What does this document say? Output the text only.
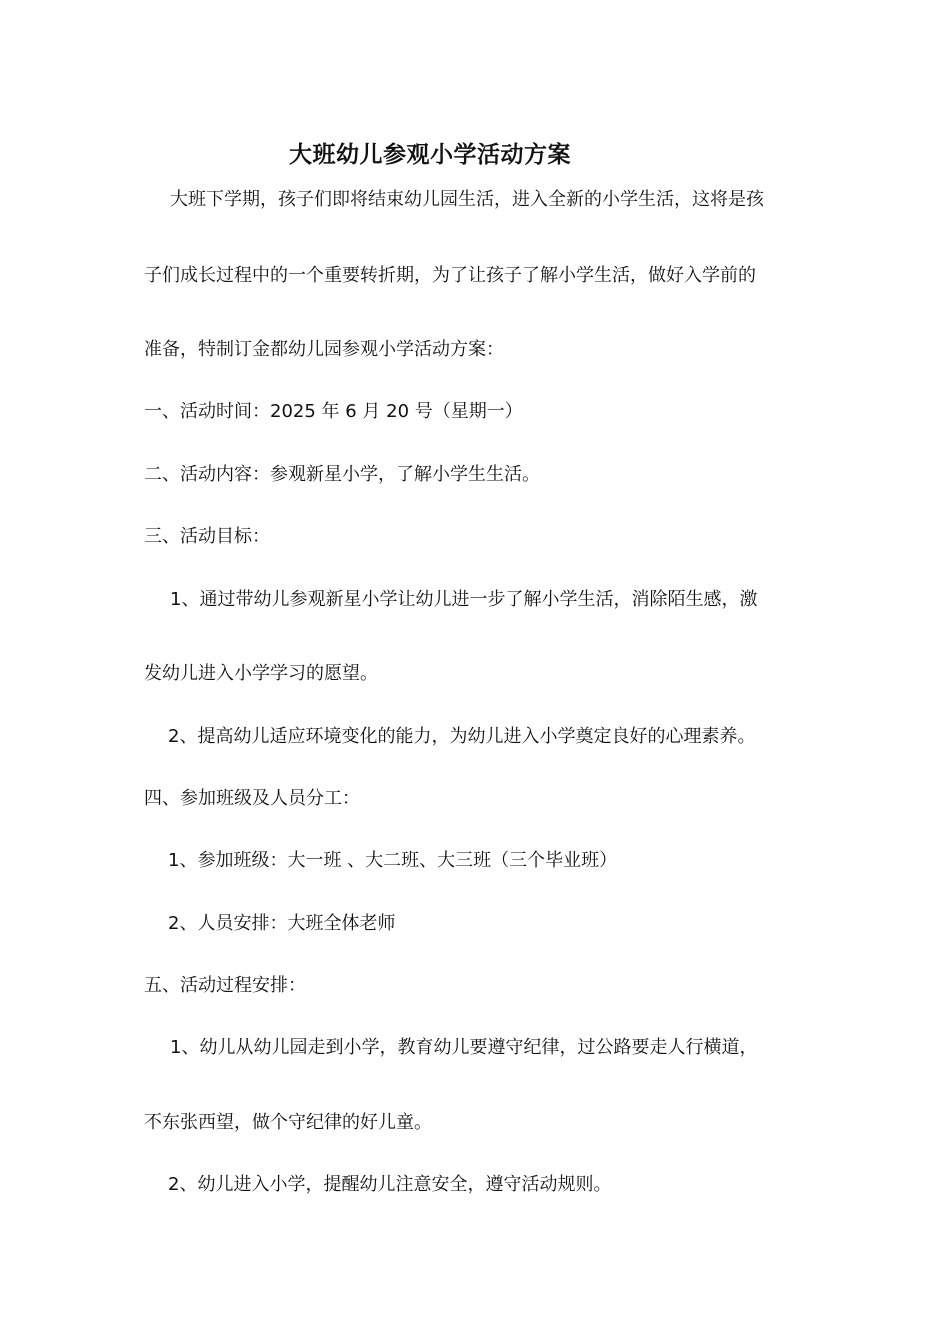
大班幼儿参观小学活动方案
大班下学期，孩子们即将结束幼儿园生活，进入全新的小学生活，这将是孩
子们成长过程中的一个重要转折期，为了让孩子了解小学生活，做好入学前的
准备，特制订金都幼儿园参观小学活动方案：
一、活动时间：2025 年 6 月 20 号（星期一）
二、活动内容：参观新星小学，了解小学生生活。
三、活动目标：
1、通过带幼儿参观新星小学让幼儿进一步了解小学生活，消除陌生感，激
发幼儿进入小学学习的愿望。
2、提高幼儿适应环境变化的能力，为幼儿进入小学奠定良好的心理素养。
四、参加班级及人员分工：
1、参加班级：大一班 、大二班、大三班（三个毕业班）
2、人员安排：大班全体老师
五、活动过程安排：
1、幼儿从幼儿园走到小学，教育幼儿要遵守纪律，过公路要走人行横道，
不东张西望，做个守纪律的好儿童。
2、幼儿进入小学，提醒幼儿注意安全，遵守活动规则。
